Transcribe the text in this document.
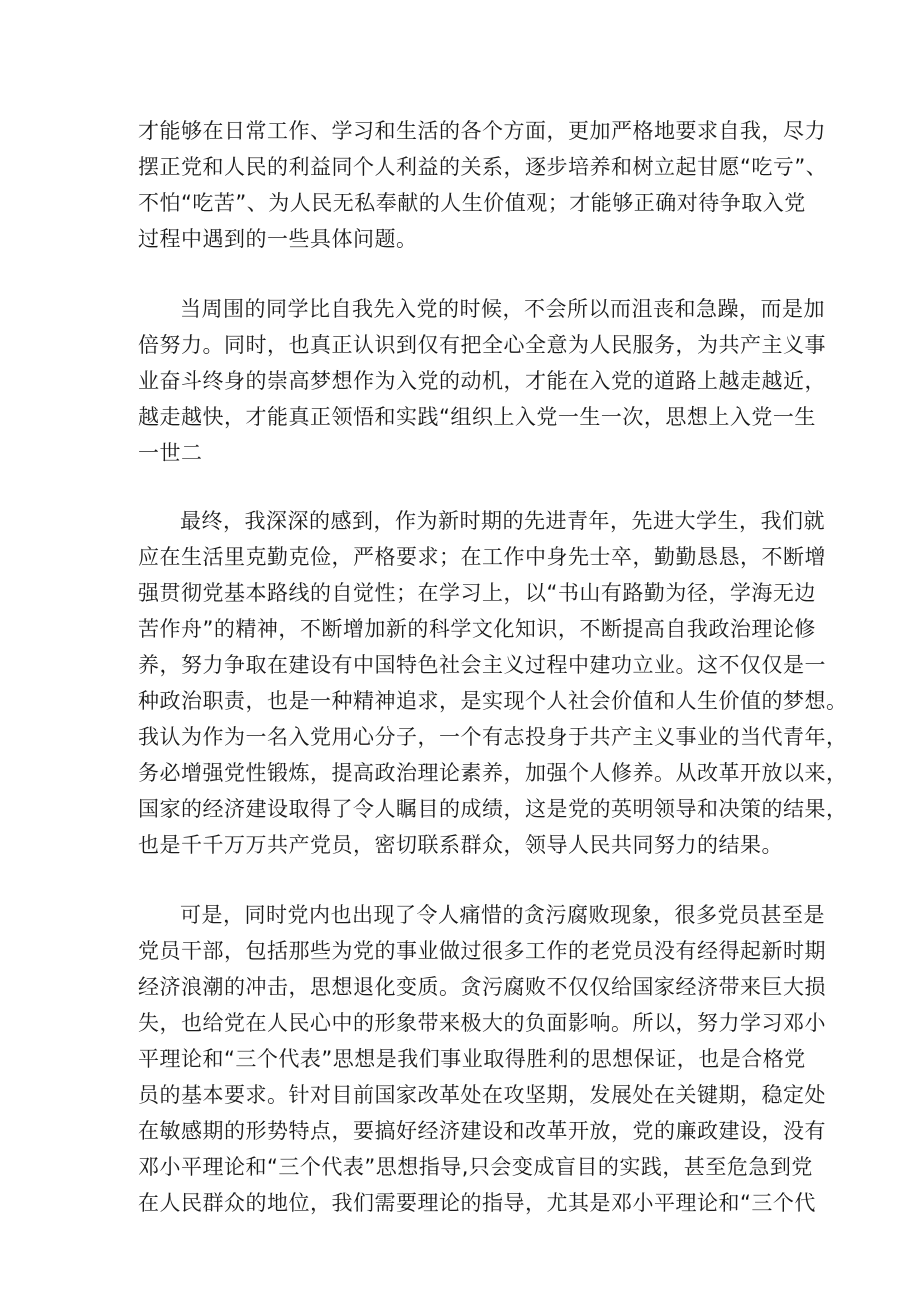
才能够在日常工作、学习和生活的各个方面，更加严格地要求自我，尽力
摆正党和人民的利益同个人利益的关系，逐步培养和树立起甘愿“吃亏”、
不怕“吃苦”、为人民无私奉献的人生价值观；才能够正确对待争取入党
过程中遇到的一些具体问题。
当周围的同学比自我先入党的时候，不会所以而沮丧和急躁，而是加
倍努力。同时，也真正认识到仅有把全心全意为人民服务，为共产主义事
业奋斗终身的崇高梦想作为入党的动机，才能在入党的道路上越走越近，
越走越快，才能真正领悟和实践“组织上入党一生一次，思想上入党一生
一世二
最终，我深深的感到，作为新时期的先进青年，先进大学生，我们就
应在生活里克勤克俭，严格要求；在工作中身先士卒，勤勤恳恳，不断增
强贯彻党基本路线的自觉性；在学习上，以“书山有路勤为径，学海无边
苦作舟”的精神，不断增加新的科学文化知识，不断提高自我政治理论修
养，努力争取在建设有中国特色社会主义过程中建功立业。这不仅仅是一
种政治职责，也是一种精神追求，是实现个人社会价值和人生价值的梦想。
我认为作为一名入党用心分子，一个有志投身于共产主义事业的当代青年，
务必增强党性锻炼，提高政治理论素养，加强个人修养。从改革开放以来，
国家的经济建设取得了令人瞩目的成绩，这是党的英明领导和决策的结果，
也是千千万万共产党员，密切联系群众，领导人民共同努力的结果。
可是，同时党内也出现了令人痛惜的贪污腐败现象，很多党员甚至是
党员干部，包括那些为党的事业做过很多工作的老党员没有经得起新时期
经济浪潮的冲击，思想退化变质。贪污腐败不仅仅给国家经济带来巨大损
失，也给党在人民心中的形象带来极大的负面影响。所以，努力学习邓小
平理论和“三个代表”思想是我们事业取得胜利的思想保证，也是合格党
员的基本要求。针对目前国家改革处在攻坚期，发展处在关键期，稳定处
在敏感期的形势特点，要搞好经济建设和改革开放，党的廉政建设，没有
邓小平理论和“三个代表”思想指导,只会变成盲目的实践，甚至危急到党
在人民群众的地位，我们需要理论的指导，尤其是邓小平理论和“三个代
